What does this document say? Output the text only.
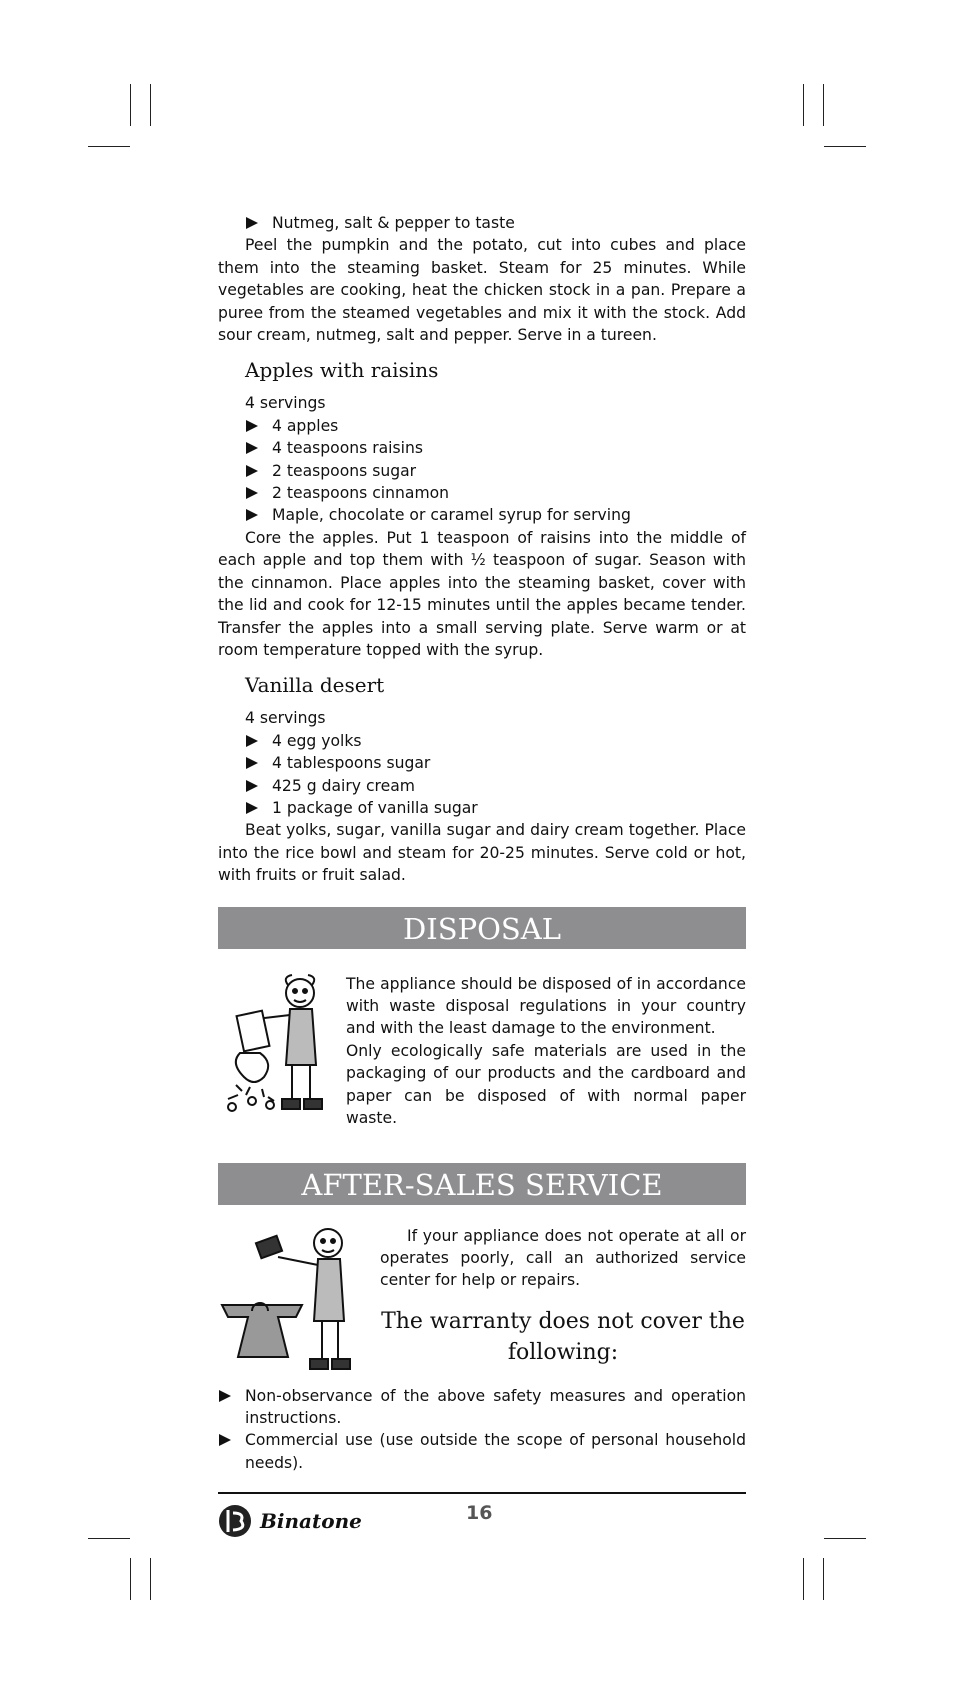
Nutmeg, salt & pepper to taste

Peel the pumpkin and the potato, cut into cubes and place them into the steaming basket. Steam for 25 minutes. While vegetables are cooking, heat the chicken stock in a pan. Prepare a puree from the steamed vegetables and mix it with the stock. Add sour cream, nutmeg, salt and pepper. Serve in a tureen.

Apples with raisins
4 servings
4 apples
4 teaspoons raisins
2 teaspoons sugar
2 teaspoons cinnamon
Maple, chocolate or caramel syrup for serving

Core the apples. Put 1 teaspoon of raisins into the middle of each apple and top them with ½ teaspoon of sugar. Season with the cinnamon. Place apples into the steaming basket, cover with the lid and cook for 12-15 minutes until the apples became tender. Transfer the apples into a small serving plate. Serve warm or at room temperature topped with the syrup.

Vanilla desert
4 servings
4 egg yolks
4 tablespoons sugar
425 g dairy cream
1 package of vanilla sugar

Beat yolks, sugar, vanilla sugar and dairy cream together. Place into the rice bowl and steam for 20-25 minutes. Serve cold or hot, with fruits or fruit salad.

DISPOSAL
The appliance should be disposed of in accordance with waste disposal regulations in your country and with the least damage to the environment.
Only ecologically safe materials are used in the packaging of our products and the cardboard and paper can be disposed of with normal paper waste.
AFTER-SALES SERVICE
If your appliance does not operate at all or operates poorly, call an authorized service center for help or repairs.
The warranty does not cover the following:
Non-observance of the above safety measures and operation instructions.
Commercial use (use outside the scope of personal household needs).
Binatone	16
